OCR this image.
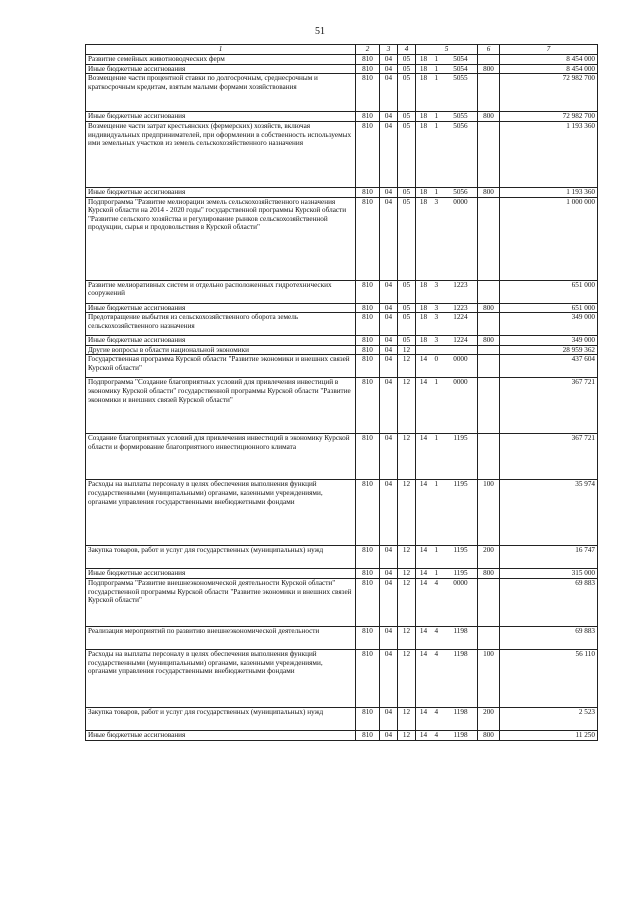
51
1	2	3	4	5	6	7
Развитие семейных животноводческих ферм	810	04	05	18 1 5054		8 454 000
Иные бюджетные ассигнования	810	04	05	18 1 5054	800	8 454 000
Возмещение части процентной ставки по долгосрочным, среднесрочным и краткосрочным кредитам, взятым малыми формами хозяйствования	810	04	05	18 1 5055		72 982 700
Иные бюджетные ассигнования	810	04	05	18 1 5055	800	72 982 700
Возмещение части затрат крестьянских (фермерских) хозяйств, включая индивидуальных предпринимателей, при оформлении в собственность используемых ими земельных участков из земель сельскохозяйственного назначения	810	04	05	18 1 5056		1 193 360
Иные бюджетные ассигнования	810	04	05	18 1 5056	800	1 193 360
Подпрограмма "Развитие мелиорации земель сельскохозяйственного назначения Курской области на 2014 - 2020 годы" государственной программы Курской области "Развитие сельского хозяйства и регулирование рынков сельскохозяйственной продукции, сырья и продовольствия в Курской области"	810	04	05	18 3 0000		1 000 000
Развитие мелиоративных систем и отдельно расположенных гидротехнических сооружений	810	04	05	18 3 1223		651 000
Иные бюджетные ассигнования	810	04	05	18 3 1223	800	651 000
Предотвращение выбытия из сельскохозяйственного оборота земель сельскохозяйственного назначения	810	04	05	18 3 1224		349 000
Иные бюджетные ассигнования	810	04	05	18 3 1224	800	349 000
Другие вопросы в области национальной экономики	810	04	12			28 959 362
Государственная программа Курской области "Развитие экономики и внешних связей Курской области"	810	04	12	14 0 0000		437 604
Подпрограмма "Создание благоприятных условий для привлечения инвестиций в экономику Курской области" государственной программы Курской области "Развитие экономики и внешних связей Курской области"	810	04	12	14 1 0000		367 721
Создание благоприятных условий для привлечения инвестиций в экономику Курской области и формирование благоприятного инвестиционного климата	810	04	12	14 1 1195		367 721
Расходы на выплаты персоналу в целях обеспечения выполнения функций государственными (муниципальными) органами, казенными учреждениями, органами управления государственными внебюджетными фондами	810	04	12	14 1 1195	100	35 974
Закупка товаров, работ и услуг для государственных (муниципальных) нужд	810	04	12	14 1 1195	200	16 747
Иные бюджетные ассигнования	810	04	12	14 1 1195	800	315 000
Подпрограмма "Развитие внешнеэкономической деятельности Курской области" государственной программы Курской области "Развитие экономики и внешних связей Курской области"	810	04	12	14 4 0000		69 883
Реализация мероприятий по развитию внешнеэкономической деятельности	810	04	12	14 4 1198		69 883
Расходы на выплаты персоналу в целях обеспечения выполнения функций государственными (муниципальными) органами, казенными учреждениями, органами управления государственными внебюджетными фондами	810	04	12	14 4 1198	100	56 110
Закупка товаров, работ и услуг для государственных (муниципальных) нужд	810	04	12	14 4 1198	200	2 523
Иные бюджетные ассигнования	810	04	12	14 4 1198	800	11 250
